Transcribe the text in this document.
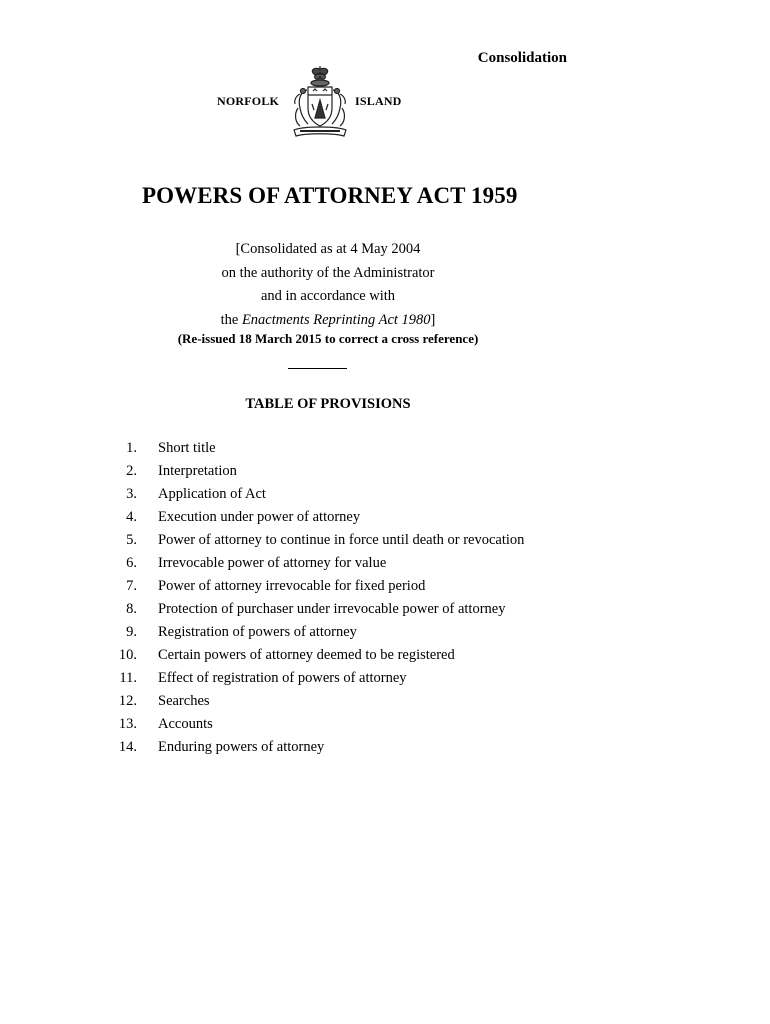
Consolidation
NORFOLK	ISLAND
POWERS OF ATTORNEY ACT 1959
[Consolidated as at 4 May 2004
on the authority of the Administrator
and in accordance with
the Enactments Reprinting Act 1980]
(Re-issued 18 March 2015 to correct a cross reference)
TABLE OF PROVISIONS
1. Short title
2. Interpretation
3. Application of Act
4. Execution under power of attorney
5. Power of attorney to continue in force until death or revocation
6. Irrevocable power of attorney for value
7. Power of attorney irrevocable for fixed period
8. Protection of purchaser under irrevocable power of attorney
9. Registration of powers of attorney
10. Certain powers of attorney deemed to be registered
11. Effect of registration of powers of attorney
12. Searches
13. Accounts
14. Enduring powers of attorney
